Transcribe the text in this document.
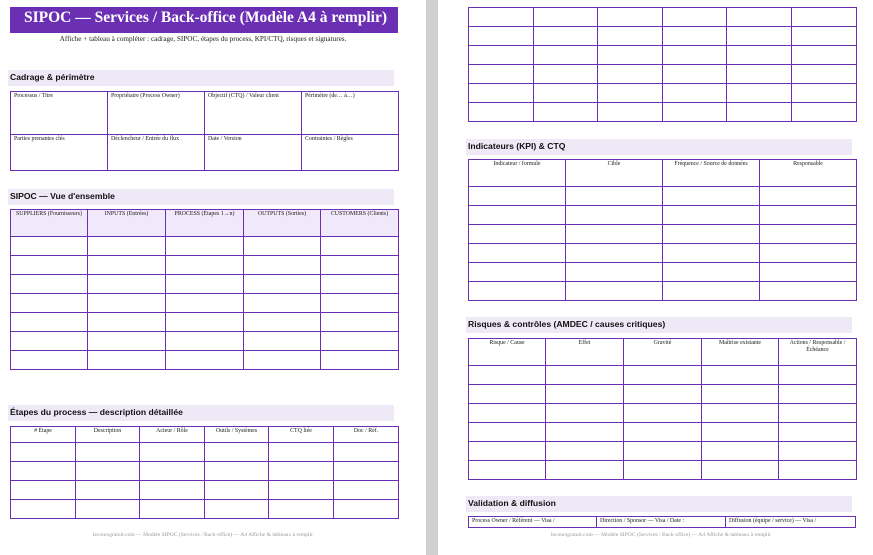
SIPOC — Services / Back-office (Modèle A4 à remplir)
Affiche + tableau à compléter : cadrage, SIPOC, étapes du process, KPI/CTQ, risques et signatures.
Cadrage & périmètre
Processus / Titre	Propriétaire (Process Owner)	Objectif (CTQ) / Valeur client	Périmètre (de… à…)
Parties prenantes clés	Déclencheur / Entrée du flux	Date / Version	Contraintes / Règles
SIPOC — Vue d'ensemble
SUPPLIERS (Fournisseurs)	INPUTS (Entrées)	PROCESS (Étapes 1→n)	OUTPUTS (Sorties)	CUSTOMERS (Clients)

Étapes du process — description détaillée
# Étape	Description	Acteur / Rôle	Outils / Systèmes	CTQ liée	Doc / Réf.

lecoursgratuit.com — Modèle SIPOC (Services / Back-office) — A4 Affiche & tableaux à remplir

Indicateurs (KPI) & CTQ
Indicateur / formule	Cible	Fréquence / Source de données	Responsable

Risques & contrôles (AMDEC / causes critiques)
Risque / Cause	Effet	Gravité	Maîtrise existante	Actions / Responsable / Échéance

Validation & diffusion
Process Owner / Référent — Visa /	Direction / Sponsor — Visa / Date :	Diffusion (équipe / service) — Visa /
lecoursgratuit.com — Modèle SIPOC (Services / Back-office) — A4 Affiche & tableaux à remplir
